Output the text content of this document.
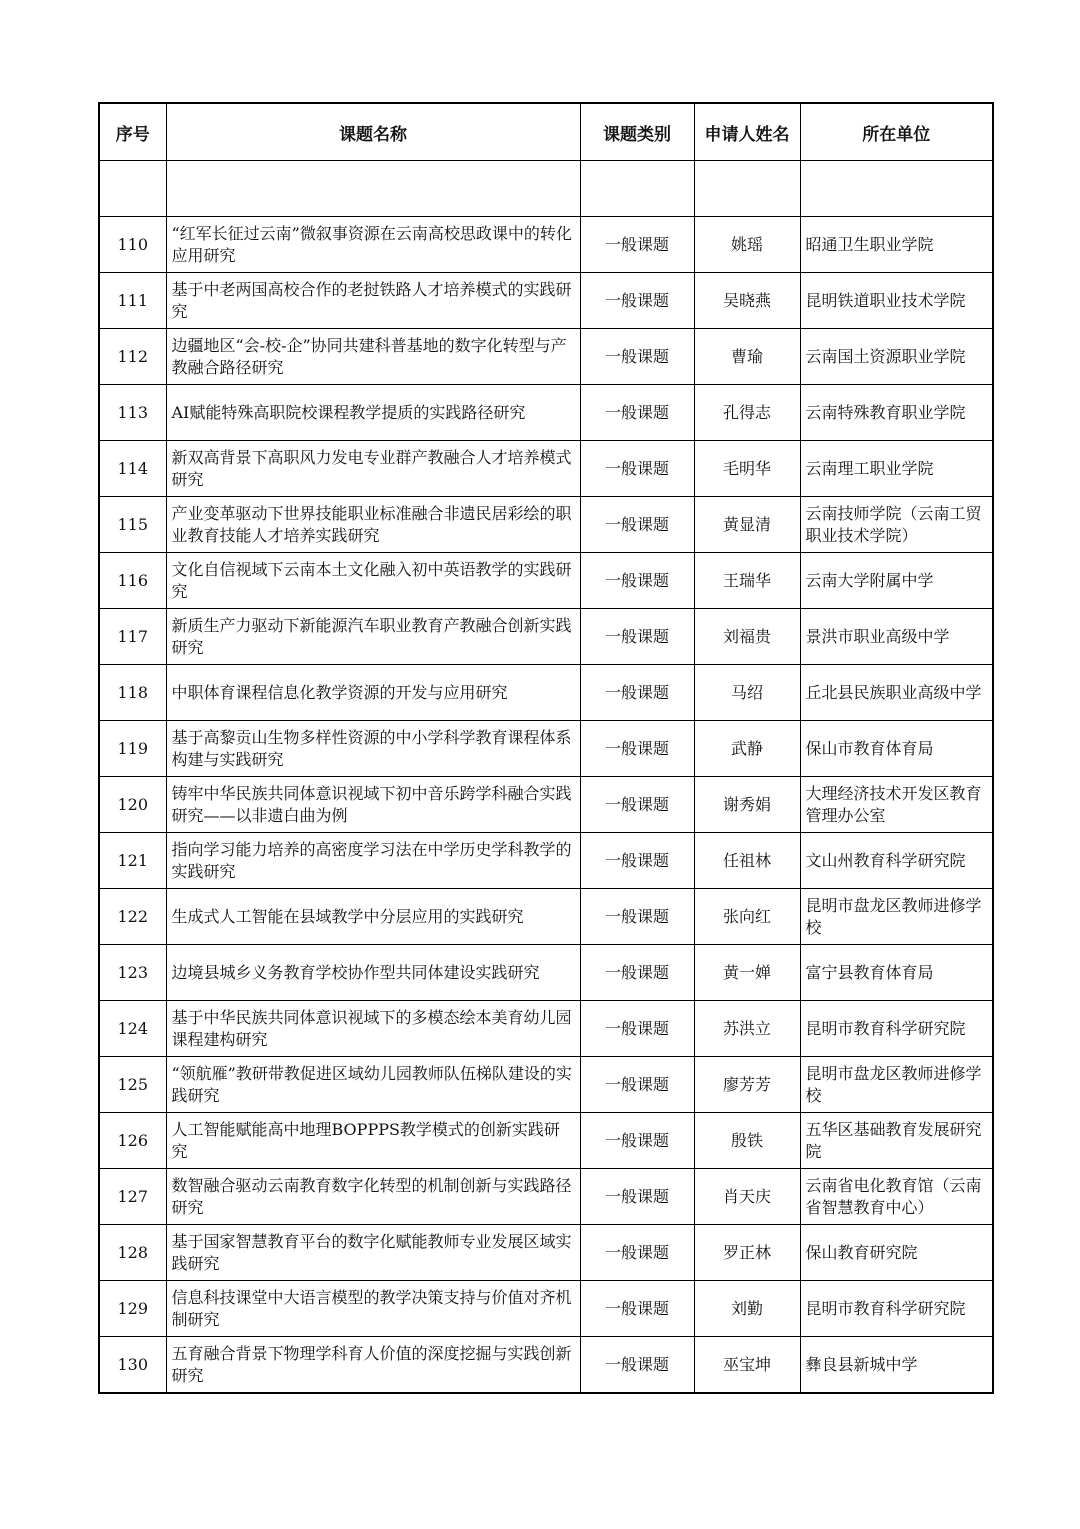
序号	课题名称	课题类别	申请人姓名	所在单位

110	“红军长征过云南”微叙事资源在云南高校思政课中的转化应用研究	一般课题	姚瑶	昭通卫生职业学院
111	基于中老两国高校合作的老挝铁路人才培养模式的实践研究	一般课题	吴晓燕	昆明铁道职业技术学院
112	边疆地区“会-校-企”协同共建科普基地的数字化转型与产教融合路径研究	一般课题	曹瑜	云南国土资源职业学院
113	AI赋能特殊高职院校课程教学提质的实践路径研究	一般课题	孔得志	云南特殊教育职业学院
114	新双高背景下高职风力发电专业群产教融合人才培养模式研究	一般课题	毛明华	云南理工职业学院
115	产业变革驱动下世界技能职业标准融合非遗民居彩绘的职业教育技能人才培养实践研究	一般课题	黄显清	云南技师学院（云南工贸职业技术学院）
116	文化自信视域下云南本土文化融入初中英语教学的实践研究	一般课题	王瑞华	云南大学附属中学
117	新质生产力驱动下新能源汽车职业教育产教融合创新实践研究	一般课题	刘福贵	景洪市职业高级中学
118	中职体育课程信息化教学资源的开发与应用研究	一般课题	马绍	丘北县民族职业高级中学
119	基于高黎贡山生物多样性资源的中小学科学教育课程体系构建与实践研究	一般课题	武静	保山市教育体育局
120	铸牢中华民族共同体意识视域下初中音乐跨学科融合实践研究——以非遗白曲为例	一般课题	谢秀娟	大理经济技术开发区教育管理办公室
121	指向学习能力培养的高密度学习法在中学历史学科教学的实践研究	一般课题	任祖林	文山州教育科学研究院
122	生成式人工智能在县域教学中分层应用的实践研究	一般课题	张向红	昆明市盘龙区教师进修学校
123	边境县城乡义务教育学校协作型共同体建设实践研究	一般课题	黄一婵	富宁县教育体育局
124	基于中华民族共同体意识视域下的多模态绘本美育幼儿园课程建构研究	一般课题	苏洪立	昆明市教育科学研究院
125	“领航雁”教研带教促进区域幼儿园教师队伍梯队建设的实践研究	一般课题	廖芳芳	昆明市盘龙区教师进修学校
126	人工智能赋能高中地理BOPPPS教学模式的创新实践研究	一般课题	殷铁	五华区基础教育发展研究院
127	数智融合驱动云南教育数字化转型的机制创新与实践路径研究	一般课题	肖天庆	云南省电化教育馆（云南省智慧教育中心）
128	基于国家智慧教育平台的数字化赋能教师专业发展区域实践研究	一般课题	罗正林	保山教育研究院
129	信息科技课堂中大语言模型的教学决策支持与价值对齐机制研究	一般课题	刘勤	昆明市教育科学研究院
130	五育融合背景下物理学科育人价值的深度挖掘与实践创新研究	一般课题	巫宝坤	彝良县新城中学
